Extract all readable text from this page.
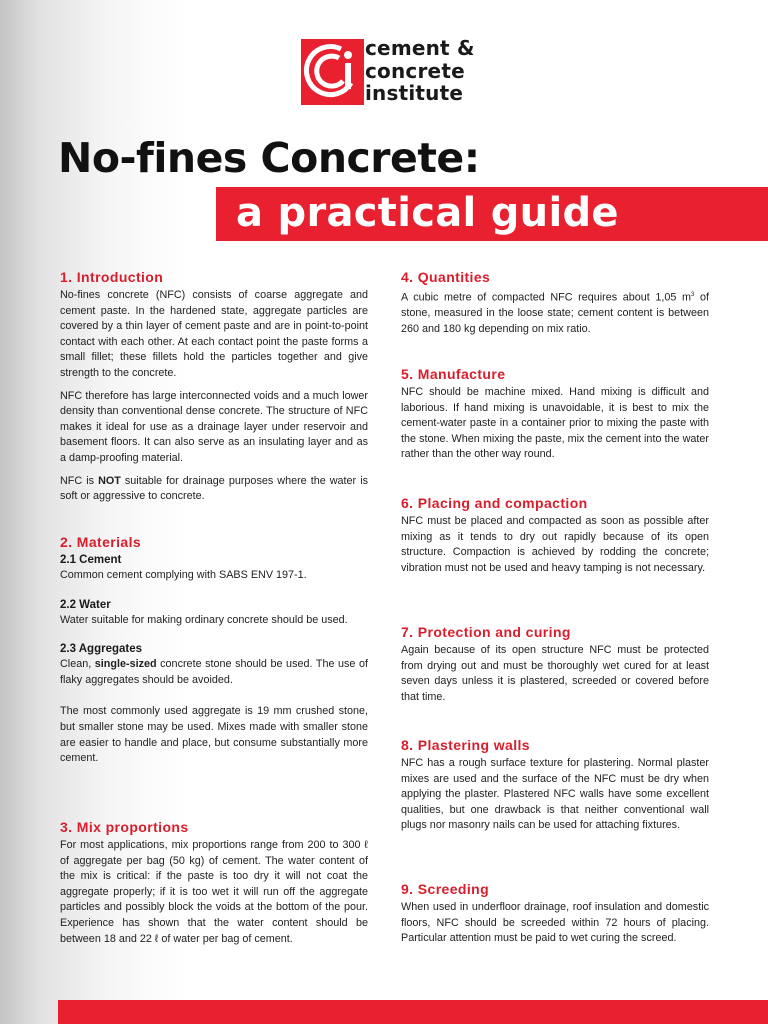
cement &
concrete
institute
No-fines Concrete:
a practical guide
1. Introduction

No-fines concrete (NFC) consists of coarse aggregate and cement paste. In the hardened state, aggregate particles are covered by a thin layer of cement paste and are in point-to-point contact with each other. At each contact point the paste forms a small fillet; these fillets hold the particles together and give strength to the concrete.

NFC therefore has large interconnected voids and a much lower density than conventional dense concrete. The structure of NFC makes it ideal for use as a drainage layer under reservoir and basement floors. It can also serve as an insulating layer and as a damp-proofing material.

NFC is NOT suitable for drainage purposes where the water is soft or aggressive to concrete.

2. Materials
2.1 Cement

Common cement complying with SABS ENV 197-1.

2.2 Water

Water suitable for making ordinary concrete should be used.

2.3 Aggregates

Clean, single-sized concrete stone should be used. The use of flaky aggregates should be avoided.

The most commonly used aggregate is 19 mm crushed stone, but smaller stone may be used. Mixes made with smaller stone are easier to handle and place, but consume substantially more cement.

3. Mix proportions

For most applications, mix proportions range from 200 to 300 ℓ of aggregate per bag (50 kg) of cement. The water content of the mix is critical: if the paste is too dry it will not coat the aggregate properly; if it is too wet it will run off the aggregate particles and possibly block the voids at the bottom of the pour. Experience has shown that the water content should be between 18 and 22 ℓ of water per bag of cement.

4. Quantities

A cubic metre of compacted NFC requires about 1,05 $m^3$ of stone, measured in the loose state; cement content is between 260 and 180 kg depending on mix ratio.

5. Manufacture

NFC should be machine mixed. Hand mixing is difficult and laborious. If hand mixing is unavoidable, it is best to mix the cement-water paste in a container prior to mixing the paste with the stone. When mixing the paste, mix the cement into the water rather than the other way round.

6. Placing and compaction

NFC must be placed and compacted as soon as possible after mixing as it tends to dry out rapidly because of its open structure. Compaction is achieved by rodding the concrete; vibration must not be used and heavy tamping is not necessary.

7. Protection and curing

Again because of its open structure NFC must be protected from drying out and must be thoroughly wet cured for at least seven days unless it is plastered, screeded or covered before that time.

8. Plastering walls

NFC has a rough surface texture for plastering. Normal plaster mixes are used and the surface of the NFC must be dry when applying the plaster. Plastered NFC walls have some excellent qualities, but one drawback is that neither conventional wall plugs nor masonry nails can be used for attaching fixtures.

9. Screeding

When used in underfloor drainage, roof insulation and domestic floors, NFC should be screeded within 72 hours of placing. Particular attention must be paid to wet curing the screed.
